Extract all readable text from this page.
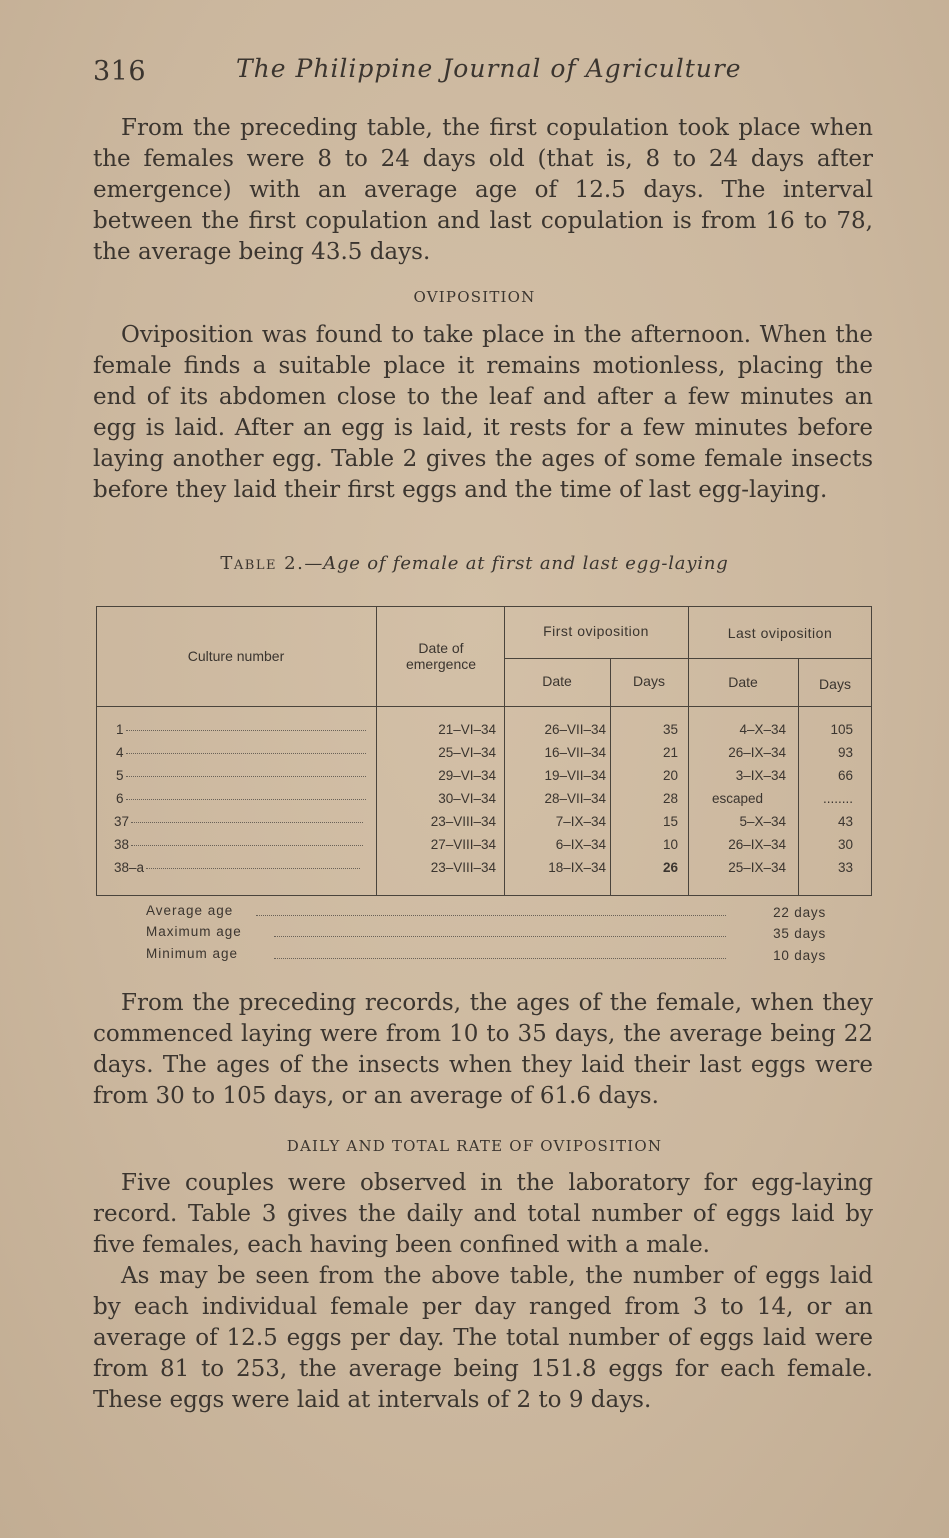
316	The Philippine Journal of Agriculture
From the preceding table, the first copulation took place when the females were 8 to 24 days old (that is, 8 to 24 days after emergence) with an average age of 12.5 days. The interval between the first copulation and last copulation is from 16 to 78, the average being 43.5 days.
OVIPOSITION
Oviposition was found to take place in the afternoon. When the female finds a suitable place it remains motionless, placing the end of its abdomen close to the leaf and after a few minutes an egg is laid. After an egg is laid, it rests for a few minutes before laying another egg. Table 2 gives the ages of some female insects before they laid their first eggs and the time of last egg-laying.
Table 2.—Age of female at first and last egg-laying
Culture number	Date of emergence
First oviposition	Last oviposition
Date	Days	Date	Days
1	21–VI–34	26–VII–34	35	4–X–34	105
4	25–VI–34	16–VII–34	21	26–IX–34	93
5	29–VI–34	19–VII–34	20	3–IX–34	66
6	30–VI–34	28–VII–34	28	escaped	........
37	23–VIII–34	7–IX–34	15	5–X–34	43
38	27–VIII–34	6–IX–34	10	26–IX–34	30
38–a	23–VIII–34	18–IX–34	26	25–IX–34	33
Average age	22 days
Maximum age	35 days
Minimum age	10 days
From the preceding records, the ages of the female, when they commenced laying were from 10 to 35 days, the average being 22 days. The ages of the insects when they laid their last eggs were from 30 to 105 days, or an average of 61.6 days.
DAILY AND TOTAL RATE OF OVIPOSITION
Five couples were observed in the laboratory for egg-laying record. Table 3 gives the daily and total number of eggs laid by five females, each having been confined with a male.
As may be seen from the above table, the number of eggs laid by each individual female per day ranged from 3 to 14, or an average of 12.5 eggs per day. The total number of eggs laid were from 81 to 253, the average being 151.8 eggs for each female. These eggs were laid at intervals of 2 to 9 days.
